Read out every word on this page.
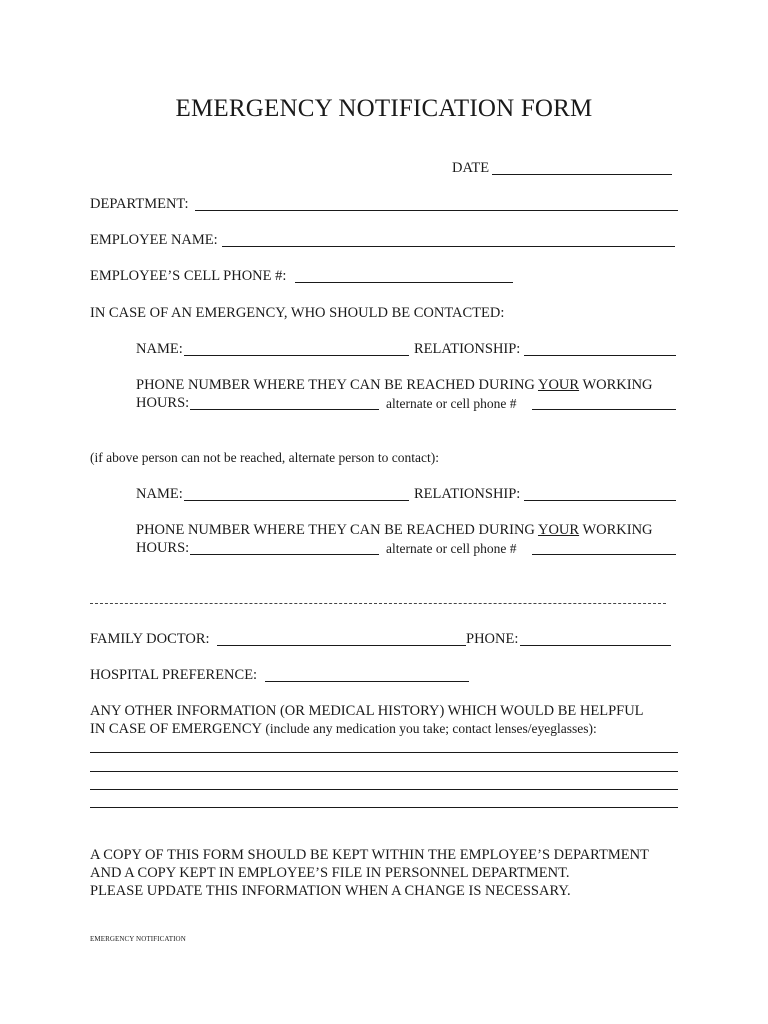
EMERGENCY NOTIFICATION FORM
DATE
DEPARTMENT:
EMPLOYEE NAME:
EMPLOYEE’S CELL PHONE #:
IN CASE OF AN EMERGENCY, WHO SHOULD BE CONTACTED:
NAME:	RELATIONSHIP:
PHONE NUMBER WHERE THEY CAN BE REACHED DURING YOUR WORKING
HOURS:	alternate or cell phone #
(if above person can not be reached, alternate person to contact):
NAME:	RELATIONSHIP:
PHONE NUMBER WHERE THEY CAN BE REACHED DURING YOUR WORKING
HOURS:	alternate or cell phone #
FAMILY DOCTOR:	PHONE:
HOSPITAL PREFERENCE:
ANY OTHER INFORMATION (OR MEDICAL HISTORY) WHICH WOULD BE HELPFUL
IN CASE OF EMERGENCY (include any medication you take; contact lenses/eyeglasses):
A COPY OF THIS FORM SHOULD BE KEPT WITHIN THE EMPLOYEE’S DEPARTMENT
AND A COPY KEPT IN EMPLOYEE’S FILE IN PERSONNEL DEPARTMENT.
PLEASE UPDATE THIS INFORMATION WHEN A CHANGE IS NECESSARY.
EMERGENCY NOTIFICATION
